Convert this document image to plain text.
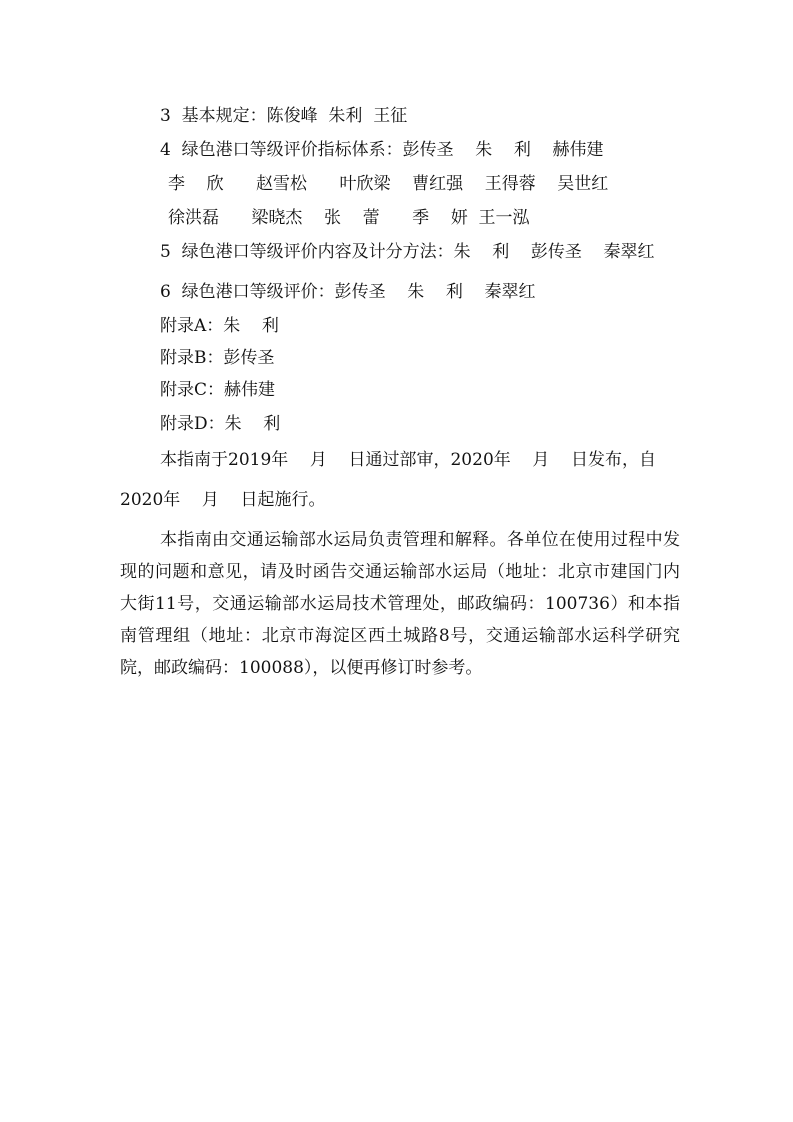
3  基本规定：陈俊峰  朱利  王征
4  绿色港口等级评价指标体系：彭传圣    朱    利    赫伟建
李    欣      赵雪松      叶欣梁    曹红强    王得蓉    吴世红
徐洪磊      梁晓杰    张    蕾      季    妍  王一泓
5  绿色港口等级评价内容及计分方法：朱    利    彭传圣    秦翠红
6  绿色港口等级评价：彭传圣    朱    利    秦翠红
附录A：朱    利
附录B：彭传圣
附录C：赫伟建
附录D：朱    利
本指南于2019年    月    日通过部审，2020年    月    日发布，自
2020年    月    日起施行。
本指南由交通运输部水运局负责管理和解释。各单位在使用过程中发现的问题和意见，请及时函告交通运输部水运局（地址：北京市建国门内大街11号，交通运输部水运局技术管理处，邮政编码：100736）和本指南管理组（地址：北京市海淀区西土城路8号，交通运输部水运科学研究院，邮政编码：100088），以便再修订时参考。
